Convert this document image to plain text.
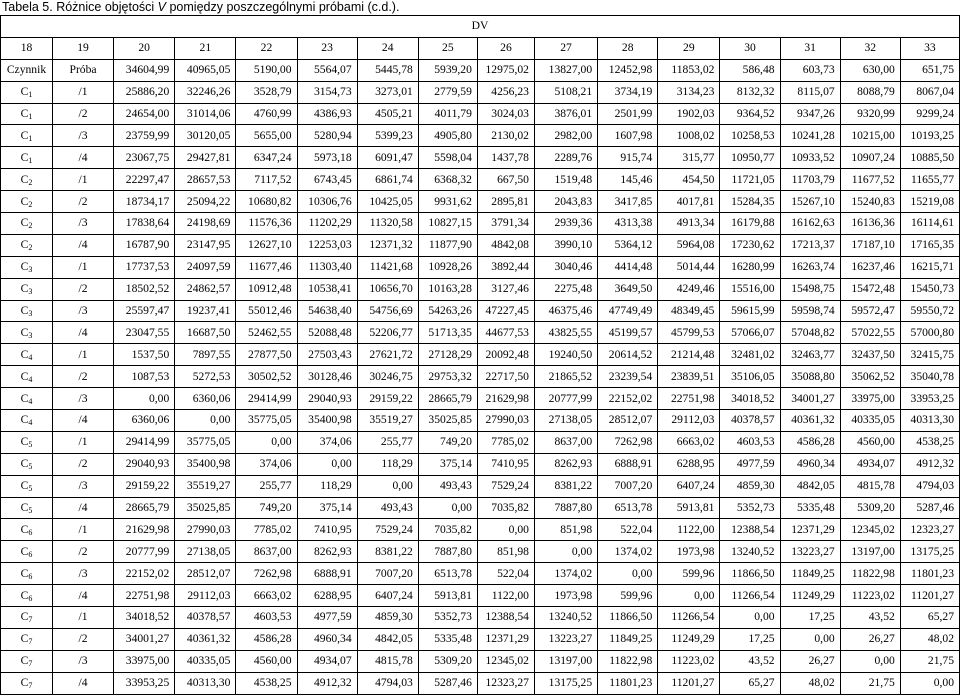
Tabela 5. Różnice objętości V pomiędzy poszczególnymi próbami (c.d.).
DV															
18	19	20	21	22	23	24	25	26	27	28	29	30	31	32	33
Czynnik	Próba	34604,99	40965,05	5190,00	5564,07	5445,78	5939,20	12975,02	13827,00	12452,98	11853,02	586,48	603,73	630,00	651,75
$C_1$	/1	25886,20	32246,26	3528,79	3154,73	3273,01	2779,59	4256,23	5108,21	3734,19	3134,23	8132,32	8115,07	8088,79	8067,04
$C_1$	/2	24654,00	31014,06	4760,99	4386,93	4505,21	4011,79	3024,03	3876,01	2501,99	1902,03	9364,52	9347,26	9320,99	9299,24
$C_1$	/3	23759,99	30120,05	5655,00	5280,94	5399,23	4905,80	2130,02	2982,00	1607,98	1008,02	10258,53	10241,28	10215,00	10193,25
$C_1$	/4	23067,75	29427,81	6347,24	5973,18	6091,47	5598,04	1437,78	2289,76	915,74	315,77	10950,77	10933,52	10907,24	10885,50
$C_2$	/1	22297,47	28657,53	7117,52	6743,45	6861,74	6368,32	667,50	1519,48	145,46	454,50	11721,05	11703,79	11677,52	11655,77
$C_2$	/2	18734,17	25094,22	10680,82	10306,76	10425,05	9931,62	2895,81	2043,83	3417,85	4017,81	15284,35	15267,10	15240,83	15219,08
$C_2$	/3	17838,64	24198,69	11576,36	11202,29	11320,58	10827,15	3791,34	2939,36	4313,38	4913,34	16179,88	16162,63	16136,36	16114,61
$C_2$	/4	16787,90	23147,95	12627,10	12253,03	12371,32	11877,90	4842,08	3990,10	5364,12	5964,08	17230,62	17213,37	17187,10	17165,35
$C_3$	/1	17737,53	24097,59	11677,46	11303,40	11421,68	10928,26	3892,44	3040,46	4414,48	5014,44	16280,99	16263,74	16237,46	16215,71
$C_3$	/2	18502,52	24862,57	10912,48	10538,41	10656,70	10163,28	3127,46	2275,48	3649,50	4249,46	15516,00	15498,75	15472,48	15450,73
$C_3$	/3	25597,47	19237,41	55012,46	54638,40	54756,69	54263,26	47227,45	46375,46	47749,49	48349,45	59615,99	59598,74	59572,47	59550,72
$C_3$	/4	23047,55	16687,50	52462,55	52088,48	52206,77	51713,35	44677,53	43825,55	45199,57	45799,53	57066,07	57048,82	57022,55	57000,80
$C_4$	/1	1537,50	7897,55	27877,50	27503,43	27621,72	27128,29	20092,48	19240,50	20614,52	21214,48	32481,02	32463,77	32437,50	32415,75
$C_4$	/2	1087,53	5272,53	30502,52	30128,46	30246,75	29753,32	22717,50	21865,52	23239,54	23839,51	35106,05	35088,80	35062,52	35040,78
$C_4$	/3	0,00	6360,06	29414,99	29040,93	29159,22	28665,79	21629,98	20777,99	22152,02	22751,98	34018,52	34001,27	33975,00	33953,25
$C_4$	/4	6360,06	0,00	35775,05	35400,98	35519,27	35025,85	27990,03	27138,05	28512,07	29112,03	40378,57	40361,32	40335,05	40313,30
$C_5$	/1	29414,99	35775,05	0,00	374,06	255,77	749,20	7785,02	8637,00	7262,98	6663,02	4603,53	4586,28	4560,00	4538,25
$C_5$	/2	29040,93	35400,98	374,06	0,00	118,29	375,14	7410,95	8262,93	6888,91	6288,95	4977,59	4960,34	4934,07	4912,32
$C_5$	/3	29159,22	35519,27	255,77	118,29	0,00	493,43	7529,24	8381,22	7007,20	6407,24	4859,30	4842,05	4815,78	4794,03
$C_5$	/4	28665,79	35025,85	749,20	375,14	493,43	0,00	7035,82	7887,80	6513,78	5913,81	5352,73	5335,48	5309,20	5287,46
$C_6$	/1	21629,98	27990,03	7785,02	7410,95	7529,24	7035,82	0,00	851,98	522,04	1122,00	12388,54	12371,29	12345,02	12323,27
$C_6$	/2	20777,99	27138,05	8637,00	8262,93	8381,22	7887,80	851,98	0,00	1374,02	1973,98	13240,52	13223,27	13197,00	13175,25
$C_6$	/3	22152,02	28512,07	7262,98	6888,91	7007,20	6513,78	522,04	1374,02	0,00	599,96	11866,50	11849,25	11822,98	11801,23
$C_6$	/4	22751,98	29112,03	6663,02	6288,95	6407,24	5913,81	1122,00	1973,98	599,96	0,00	11266,54	11249,29	11223,02	11201,27
$C_7$	/1	34018,52	40378,57	4603,53	4977,59	4859,30	5352,73	12388,54	13240,52	11866,50	11266,54	0,00	17,25	43,52	65,27
$C_7$	/2	34001,27	40361,32	4586,28	4960,34	4842,05	5335,48	12371,29	13223,27	11849,25	11249,29	17,25	0,00	26,27	48,02
$C_7$	/3	33975,00	40335,05	4560,00	4934,07	4815,78	5309,20	12345,02	13197,00	11822,98	11223,02	43,52	26,27	0,00	21,75
$C_7$	/4	33953,25	40313,30	4538,25	4912,32	4794,03	5287,46	12323,27	13175,25	11801,23	11201,27	65,27	48,02	21,75	0,00
